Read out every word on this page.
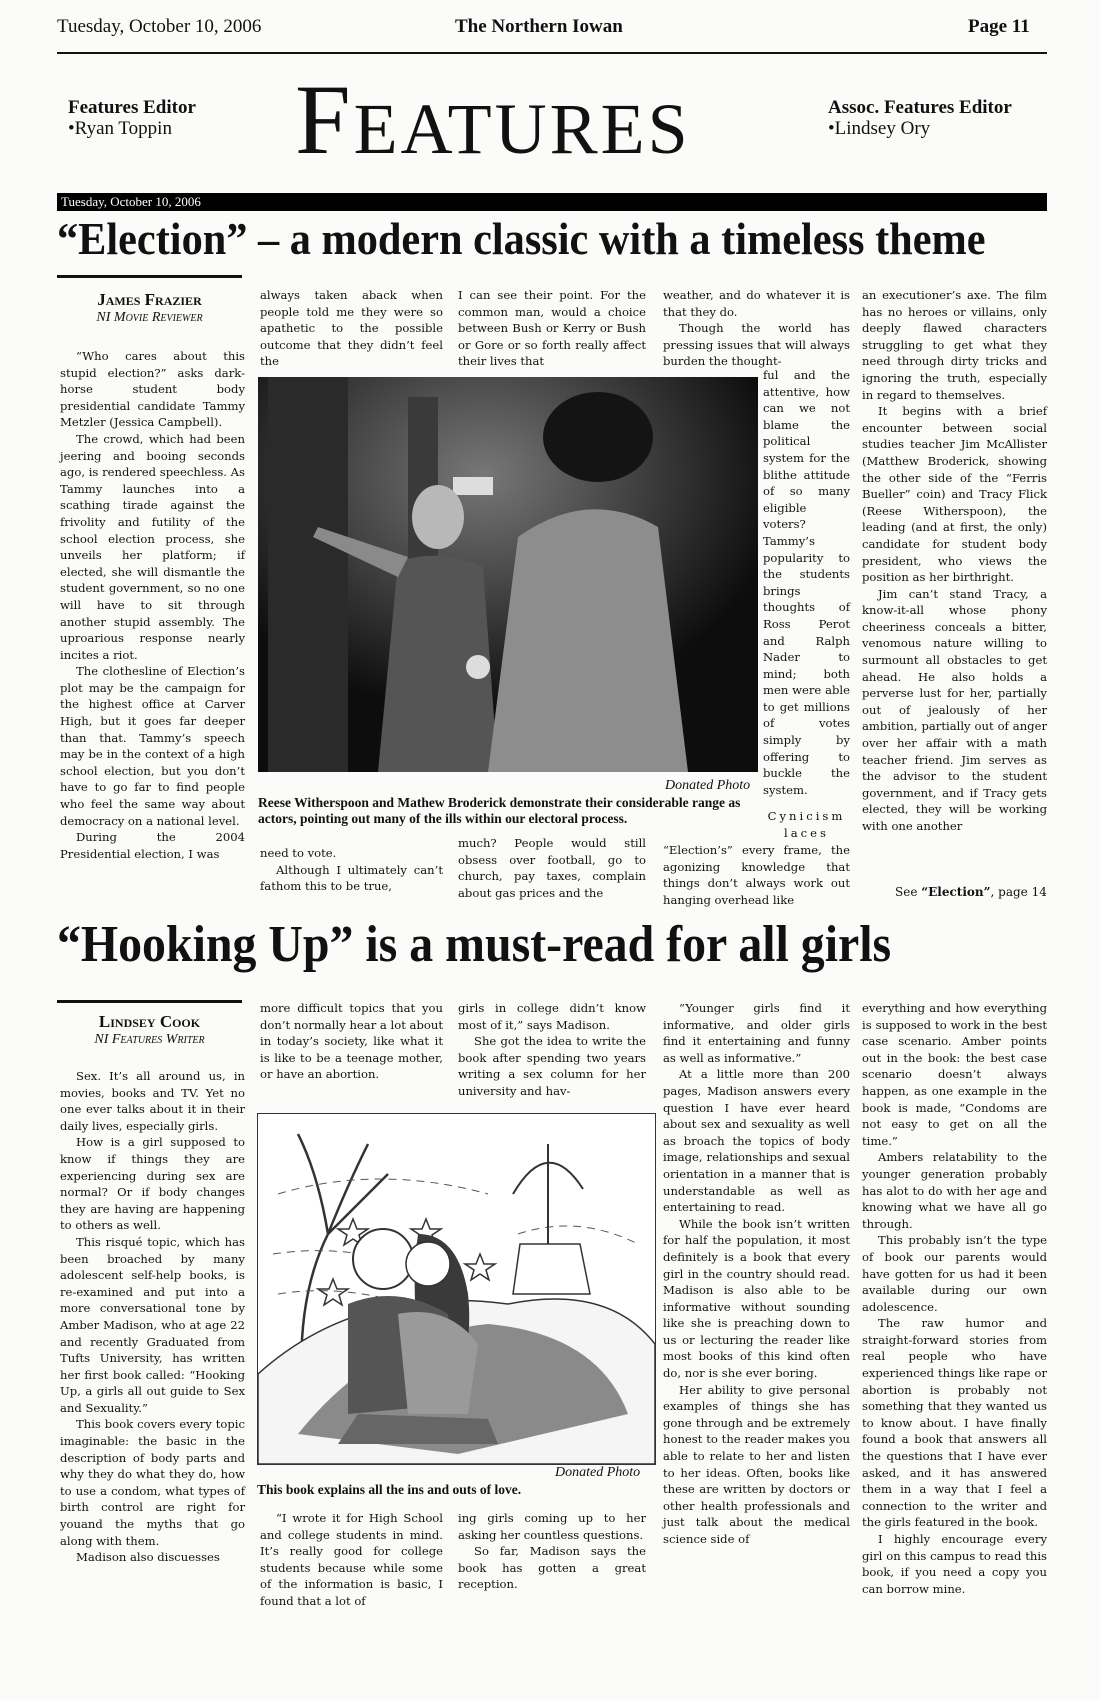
Tuesday, October 10, 2006	The Northern Iowan	Page 11
Features Editor
•Ryan Toppin FEATURES	Assoc. Features Editor
•Lindsey Ory
Tuesday, October 10, 2006
“Election” – a modern classic with a timeless theme
James Frazier
NI Movie Reviewer

“Who cares about this stupid election?” asks dark-horse student body presidential candidate Tammy Metzler (Jessica Campbell).

The crowd, which had been jeering and booing seconds ago, is rendered speechless. As Tammy launches into a scathing tirade against the frivolity and futility of the school election process, she unveils her platform; if elected, she will dismantle the student government, so no one will have to sit through another stupid assembly. The uproarious response nearly incites a riot.

The clothesline of Election’s plot may be the campaign for the highest office at Carver High, but it goes far deeper than that. Tammy’s speech may be in the context of a high school election, but you don’t have to go far to find people who feel the same way about democracy on a national level.

During the 2004 Presidential election, I was

always taken aback when people told me they were so apathetic to the possible outcome that they didn’t feel the

I can see their point. For the common man, would a choice between Bush or Kerry or Bush or Gore or so forth really affect their lives that

weather, and do whatever it is that they do.

Though the world has pressing issues that will always burden the thought-

ful and the attentive, how can we not blame the political system for the blithe attitude of so many eligible voters? Tammy’s popularity to the students brings thoughts of Ross Perot and Ralph Nader to mind; both men were able to get millions of votes simply by offering to buckle the system.

Donated Photo
Reese Witherspoon and Mathew Broderick demonstrate their considerable range as actors, pointing out many of the ills within our electoral process.	Cynicism laces

need to vote.

Although I ultimately can’t fathom this to be true,

much? People would still obsess over football, go to church, pay taxes, complain about gas prices and the

“Election’s” every frame, the agonizing knowledge that things don’t always work out hanging overhead like

an executioner’s axe. The film has no heroes or villains, only deeply flawed characters struggling to get what they need through dirty tricks and ignoring the truth, especially in regard to themselves.

It begins with a brief encounter between social studies teacher Jim McAllister (Matthew Broderick, showing the other side of the “Ferris Bueller” coin) and Tracy Flick (Reese Witherspoon), the leading (and at first, the only) candidate for student body president, who views the position as her birthright.

Jim can’t stand Tracy, a know-it-all whose phony cheeriness conceals a bitter, venomous nature willing to surmount all obstacles to get ahead. He also holds a perverse lust for her, partially out of jealously of her ambition, partially out of anger over her affair with a math teacher friend. Jim serves as the advisor to the student government, and if Tracy gets elected, they will be working with one another

See “Election”, page 14
“Hooking Up” is a must-read for all girls
Lindsey Cook
NI Features Writer

Sex. It’s all around us, in movies, books and TV. Yet no one ever talks about it in their daily lives, especially girls.

How is a girl supposed to know if things they are experiencing during sex are normal? Or if body changes they are having are happening to others as well.

This risqué topic, which has been broached by many adolescent self-help books, is re-examined and put into a more conversational tone by Amber Madison, who at age 22 and recently Graduated from Tufts University, has written her first book called: “Hooking Up, a girls all out guide to Sex and Sexuality.”

This book covers every topic imaginable: the basic in the description of body parts and why they do what they do, how to use a condom, what types of birth control are right for youand the myths that go along with them.

Madison also discuesses

more difficult topics that you don’t normally hear a lot about in today’s society, like what it is like to be a teenage mother, or have an abortion.

girls in college didn’t know most of it,” says Madison.

She got the idea to write the book after spending two years writing a sex column for her university and hav-

Donated Photo
This book explains all the ins and outs of love.

“I wrote it for High School and college students in mind. It’s really good for college students because while some of the information is basic, I found that a lot of

ing girls coming up to her asking her countless questions.

So far, Madison says the book has gotten a great reception.

“Younger girls find it informative, and older girls find it entertaining and funny as well as informative.”

At a little more than 200 pages, Madison answers every question I have ever heard about sex and sexuality as well as broach the topics of body image, relationships and sexual orientation in a manner that is understandable as well as entertaining to read.

While the book isn’t written for half the population, it most definitely is a book that every girl in the country should read. Madison is also able to be informative without sounding like she is preaching down to us or lecturing the reader like most books of this kind often do, nor is she ever boring.

Her ability to give personal examples of things she has gone through and be extremely honest to the reader makes you able to relate to her and listen to her ideas. Often, books like these are written by doctors or other health professionals and just talk about the medical science side of

everything and how everything is supposed to work in the best case scenario. Amber points out in the book: the best case scenario doesn’t always happen, as one example in the book is made, “Condoms are not easy to get on all the time.”

Ambers relatability to the younger generation probably has alot to do with her age and knowing what we have all go through.

This probably isn’t the type of book our parents would have gotten for us had it been available during our own adolescence.

The raw humor and straight-forward stories from real people who have experienced things like rape or abortion is probably not something that they wanted us to know about. I have finally found a book that answers all the questions that I have ever asked, and it has answered them in a way that I feel a connection to the writer and the girls featured in the book.

I highly encourage every girl on this campus to read this book, if you need a copy you can borrow mine.
